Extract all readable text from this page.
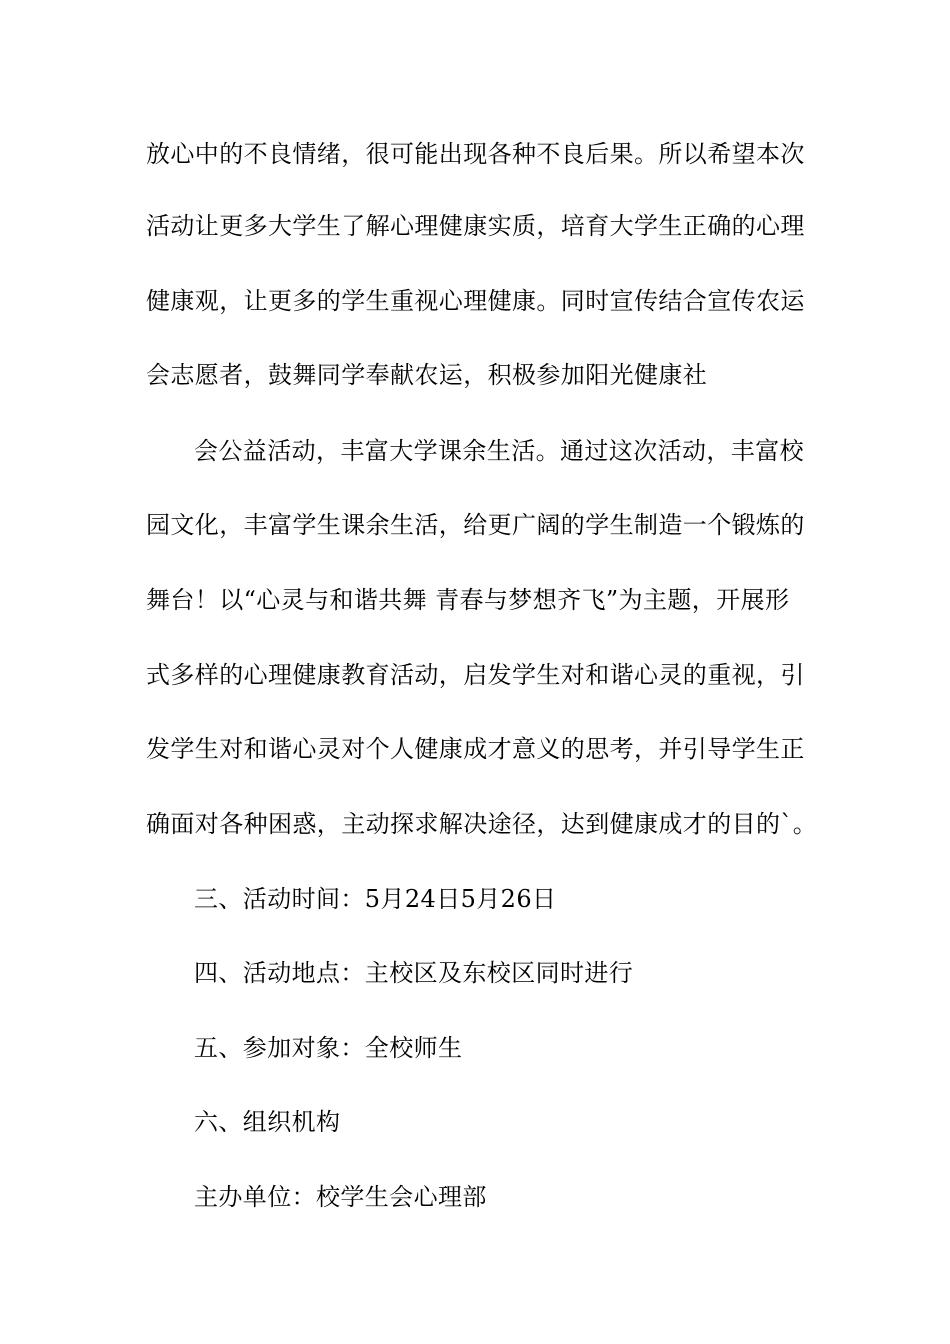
放心中的不良情绪，很可能出现各种不良后果。所以希望本次
活动让更多大学生了解心理健康实质，培育大学生正确的心理
健康观，让更多的学生重视心理健康。同时宣传结合宣传农运
会志愿者，鼓舞同学奉献农运，积极参加阳光健康社
会公益活动，丰富大学课余生活。通过这次活动，丰富校
园文化，丰富学生课余生活，给更广阔的学生制造一个锻炼的
舞台！以“心灵与和谐共舞 青春与梦想齐飞”为主题，开展形
式多样的心理健康教育活动，启发学生对和谐心灵的重视，引
发学生对和谐心灵对个人健康成才意义的思考，并引导学生正
确面对各种困惑，主动探求解决途径，达到健康成才的目的`。
三、活动时间：5月24日5月26日
四、活动地点：主校区及东校区同时进行
五、参加对象：全校师生
六、组织机构
主办单位：校学生会心理部
